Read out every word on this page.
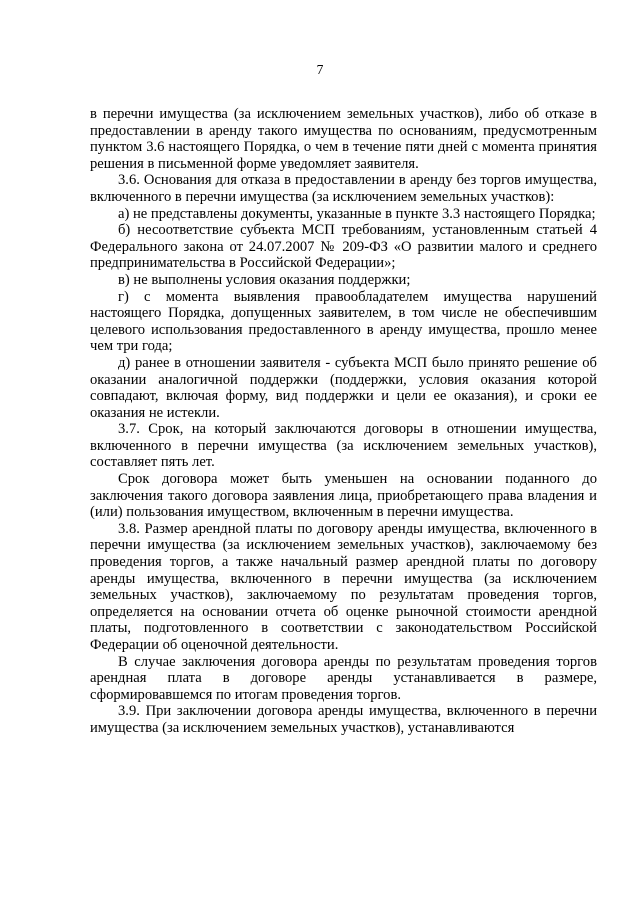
7

в перечни имущества (за исключением земельных участков), либо об отказе в предоставлении в аренду такого имущества по основаниям, предусмотренным пунктом 3.6 настоящего Порядка, о чем в течение пяти дней с момента принятия решения в письменной форме уведомляет заявителя.

3.6. Основания для отказа в предоставлении в аренду без торгов имущества, включенного в перечни имущества (за исключением земельных участков):

а) не представлены документы, указанные в пункте 3.3 настоящего Порядка;

б) несоответствие субъекта МСП требованиям, установленным статьей 4 Федерального закона от 24.07.2007 № 209-ФЗ «О развитии малого и среднего предпринимательства в Российской Федерации»;

в) не выполнены условия оказания поддержки;

г) с момента выявления правообладателем имущества нарушений настоящего Порядка, допущенных заявителем, в том числе не обеспечившим целевого использования предоставленного в аренду имущества, прошло менее чем три года;

д) ранее в отношении заявителя - субъекта МСП было принято решение об оказании аналогичной поддержки (поддержки, условия оказания которой совпадают, включая форму, вид поддержки и цели ее оказания), и сроки ее оказания не истекли.

3.7. Срок, на который заключаются договоры в отношении имущества, включенного в перечни имущества (за исключением земельных участков), составляет пять лет.

Срок договора может быть уменьшен на основании поданного до заключения такого договора заявления лица, приобретающего права владения и (или) пользования имуществом, включенным в перечни имущества.

3.8. Размер арендной платы по договору аренды имущества, включенного в перечни имущества (за исключением земельных участков), заключаемому без проведения торгов, а также начальный размер арендной платы по договору аренды имущества, включенного в перечни имущества (за исключением земельных участков), заключаемому по результатам проведения торгов, определяется на основании отчета об оценке рыночной стоимости арендной платы, подготовленного в соответствии с законодательством Российской Федерации об оценочной деятельности.

В случае заключения договора аренды по результатам проведения торгов арендная плата в договоре аренды устанавливается в размере, сформировавшемся по итогам проведения торгов.

3.9. При заключении договора аренды имущества, включенного в перечни имущества (за исключением земельных участков), устанавливаются
